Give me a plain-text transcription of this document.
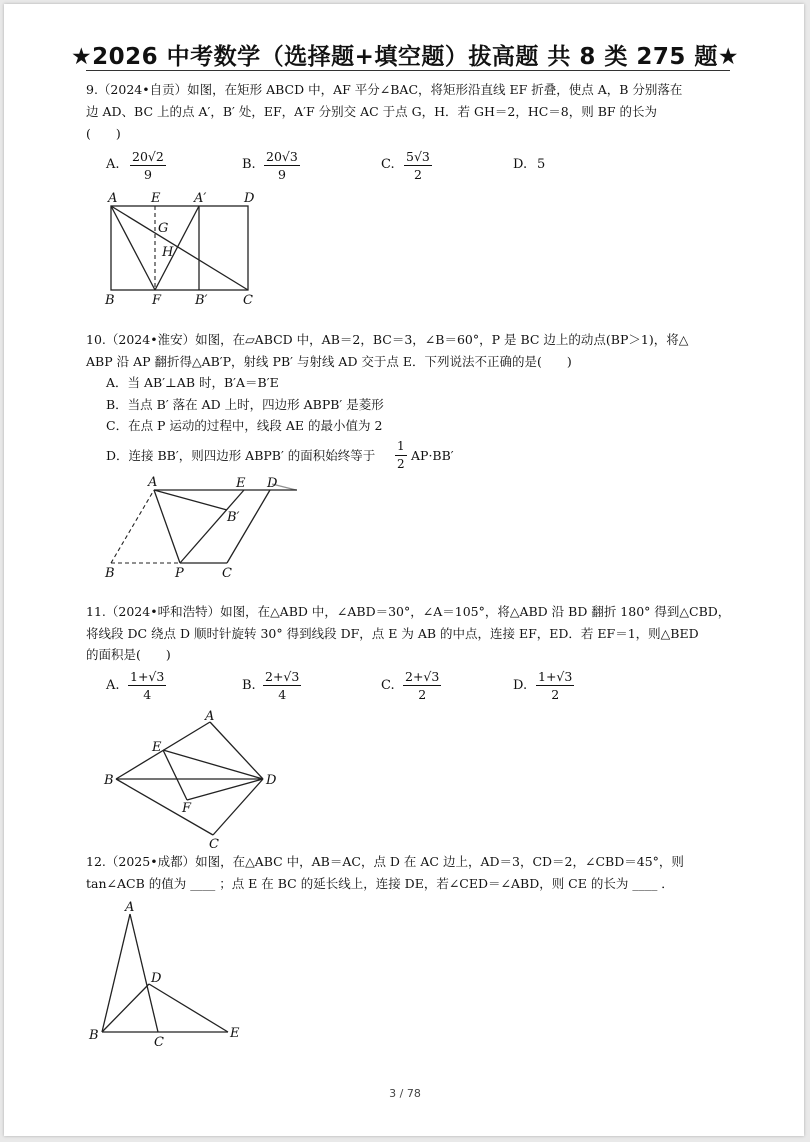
★2026 中考数学（选择题+填空题）拔高题 共 8 类 275 题★
9.（2024•自贡）如图，在矩形 ABCD 中，AF 平分∠BAC，将矩形沿直线 EF 折叠，使点 A，B 分别落在
边 AD、BC 上的点 A′，B′ 处，EF，A′F 分别交 AC 于点 G，H．若 GH＝2，HC＝8，则 BF 的长为
(　　)
A. $\frac{20√2}{9}$	B. $\frac{20√3}{9}$	C. $\frac{5√3}{2}$	D. 5
A	E	A′	D
G
H
B	F	B′	C
10.（2024•淮安）如图，在▱ABCD 中，AB＝2，BC＝3，∠B＝60°，P 是 BC 边上的动点(BP＞1)，将△
ABP 沿 AP 翻折得△AB′P，射线 PB′ 与射线 AD 交于点 E．下列说法不正确的是(　　)
A．当 AB′⊥AB 时，B′A＝B′E
B．当点 B′ 落在 AD 上时，四边形 ABPB′ 是菱形
C．在点 P 运动的过程中，线段 AE 的最小值为 2
D．连接 BB′，则四边形 ABPB′ 的面积始终等于 $\frac{1}{2} AP\cdot BB'$
A	E D
B′
B	P	C
11.（2024•呼和浩特）如图，在△ABD 中，∠ABD＝30°，∠A＝105°，将△ABD 沿 BD 翻折 180° 得到△CBD，
将线段 DC 绕点 D 顺时针旋转 30° 得到线段 DF，点 E 为 AB 的中点，连接 EF，ED．若 EF＝1，则△BED
的面积是(　　)
A. $\frac{1+√3}{4}$	B. $\frac{2+√3}{4}$	C. $\frac{2+√3}{2}$	D. $\frac{1+√3}{2}$
A
E
B	D
F
C
12.（2025•成都）如图，在△ABC 中，AB＝AC，点 D 在 AC 边上，AD＝3，CD＝2，∠CBD＝45°，则
tan∠ACB 的值为 ____ ；点 E 在 BC 的延长线上，连接 DE，若∠CED＝∠ABD，则 CE 的长为 ____ ．
A
D
B	C
E
3 / 78
